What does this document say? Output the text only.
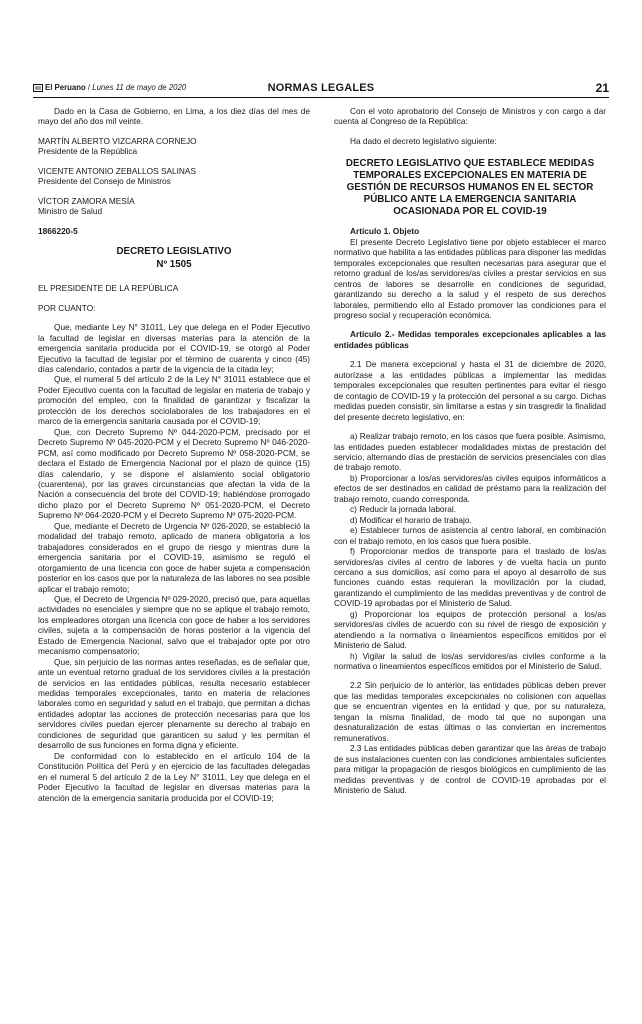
El Peruano / Lunes 11 de mayo de 2020	NORMAS LEGALES	21

Dado en la Casa de Gobierno, en Lima, a los diez días del mes de mayo del año dos mil veinte.

MARTÍN ALBERTO VIZCARRA CORNEJO

Presidente de la República

VICENTE ANTONIO ZEBALLOS SALINAS

Presidente del Consejo de Ministros

VÍCTOR ZAMORA MESÍA

Ministro de Salud

1866220-5

DECRETO LEGISLATIVO
Nº 1505

EL PRESIDENTE DE LA REPÚBLICA

POR CUANTO:

Que, mediante Ley N° 31011, Ley que delega en el Poder Ejecutivo la facultad de legislar en diversas materias para la atención de la emergencia sanitaria producida por el COVID-19, se otorgó al Poder Ejecutivo la facultad de legislar por el término de cuarenta y cinco (45) días calendario, contados a partir de la vigencia de la citada ley;

Que, el numeral 5 del artículo 2 de la Ley N° 31011 establece que el Poder Ejecutivo cuenta con la facultad de legislar en materia de trabajo y promoción del empleo, con la finalidad de garantizar y fiscalizar la protección de los derechos sociolaborales de los trabajadores en el marco de la emergencia sanitaria causada por el COVID-19;

Que, con Decreto Supremo Nº 044-2020-PCM, precisado por el Decreto Supremo Nº 045-2020-PCM y el Decreto Supremo Nº 046-2020-PCM, así como modificado por Decreto Supremo Nº 058-2020-PCM, se declara el Estado de Emergencia Nacional por el plazo de quince (15) días calendario, y se dispone el aislamiento social obligatorio (cuarentena), por las graves circunstancias que afectan la vida de la Nación a consecuencia del brote del COVID-19; habiéndose prorrogado dicho plazo por el Decreto Supremo Nº 051-2020-PCM, el Decreto Supremo Nº 064-2020-PCM y el Decreto Supremo Nº 075-2020-PCM.

Que, mediante el Decreto de Urgencia Nº 026-2020, se estableció la modalidad del trabajo remoto, aplicado de manera obligatoria a los trabajadores considerados en el grupo de riesgo y mientras dure la emergencia sanitaria por el COVID-19, asimismo se reguló el otorgamiento de una licencia con goce de haber sujeta a compensación posterior en los casos que por la naturaleza de las labores no sea posible aplicar el trabajo remoto;

Que, el Decreto de Urgencia Nº 029-2020, precisó que, para aquellas actividades no esenciales y siempre que no se aplique el trabajo remoto, los empleadores otorgan una licencia con goce de haber a los servidores civiles, sujeta a la compensación de horas posterior a la vigencia del Estado de Emergencia Nacional, salvo que el trabajador opte por otro mecanismo compensatorio;

Que, sin perjuicio de las normas antes reseñadas, es de señalar que, ante un eventual retorno gradual de los servidores civiles a la prestación de servicios en las entidades públicas, resulta necesario establecer medidas temporales excepcionales, tanto en materia de relaciones laborales como en seguridad y salud en el trabajo, que permitan a dichas entidades adoptar las acciones de protección necesarias para que los servidores civiles puedan ejercer plenamente su derecho al trabajo en condiciones de seguridad que garanticen su salud y les permitan el desarrollo de sus funciones en forma digna y eficiente.

De conformidad con lo establecido en el artículo 104 de la Constitución Política del Perú y en ejercicio de las facultades delegadas en el numeral 5 del artículo 2 de la Ley N° 31011, Ley que delega en el Poder Ejecutivo la facultad de legislar en diversas materias para la atención de la emergencia sanitaria producida por el COVID-19;

Con el voto aprobatorio del Consejo de Ministros y con cargo a dar cuenta al Congreso de la República:

Ha dado el decreto legislativo siguiente:

DECRETO LEGISLATIVO QUE ESTABLECE MEDIDAS TEMPORALES EXCEPCIONALES EN MATERIA DE GESTIÓN DE RECURSOS HUMANOS EN EL SECTOR PÚBLICO ANTE LA EMERGENCIA SANITARIA OCASIONADA POR EL COVID-19

Artículo 1. Objeto

El presente Decreto Legislativo tiene por objeto establecer el marco normativo que habilita a las entidades públicas para disponer las medidas temporales excepcionales que resulten necesarias para asegurar que el retorno gradual de los/as servidores/as civiles a prestar servicios en sus centros de labores se desarrolle en condiciones de seguridad, garantizando su derecho a la salud y el respeto de sus derechos laborales, permitiendo ello al Estado promover las condiciones para el progreso social y recuperación económica.

Artículo 2.- Medidas temporales excepcionales aplicables a las entidades públicas

2.1 De manera excepcional y hasta el 31 de diciembre de 2020, autorízase a las entidades públicas a implementar las medidas temporales excepcionales que resulten pertinentes para evitar el riesgo de contagio de COVID-19 y la protección del personal a su cargo. Dichas medidas pueden consistir, sin limitarse a estas y sin trasgredir la finalidad del presente decreto legislativo, en:

a) Realizar trabajo remoto, en los casos que fuera posible. Asimismo, las entidades pueden establecer modalidades mixtas de prestación del servicio, alternando días de prestación de servicios presenciales con días de trabajo remoto.

b) Proporcionar a los/as servidores/as civiles equipos informáticos a efectos de ser destinados en calidad de préstamo para la realización del trabajo remoto, cuando corresponda.

c) Reducir la jornada laboral.

d) Modificar el horario de trabajo.

e) Establecer turnos de asistencia al centro laboral, en combinación con el trabajo remoto, en los casos que fuera posible.

f) Proporcionar medios de transporte para el traslado de los/as servidores/as civiles al centro de labores y de vuelta hacia un punto cercano a sus domicilios, así como para el apoyo al desarrollo de sus funciones cuando estas requieran la movilización por la ciudad, garantizando el cumplimiento de las medidas preventivas y de control de COVID-19 aprobadas por el Ministerio de Salud.

g) Proporcionar los equipos de protección personal a los/as servidores/as civiles de acuerdo con su nivel de riesgo de exposición y atendiendo a la normativa o lineamientos específicos emitidos por el Ministerio de Salud.

h) Vigilar la salud de los/as servidores/as civiles conforme a la normativa o lineamientos específicos emitidos por el Ministerio de Salud.

2.2 Sin perjuicio de lo anterior, las entidades públicas deben prever que las medidas temporales excepcionales no colisionen con aquellas que se encuentran vigentes en la entidad y que, por su naturaleza, tengan la misma finalidad, de modo tal que no supongan una desnaturalización de estas últimas o las conviertan en incrementos remunerativos.

2.3 Las entidades públicas deben garantizar que las áreas de trabajo de sus instalaciones cuenten con las condiciones ambientales suficientes para mitigar la propagación de riesgos biológicos en cumplimiento de las medidas preventivas y de control de COVID-19 aprobadas por el Ministerio de Salud.
